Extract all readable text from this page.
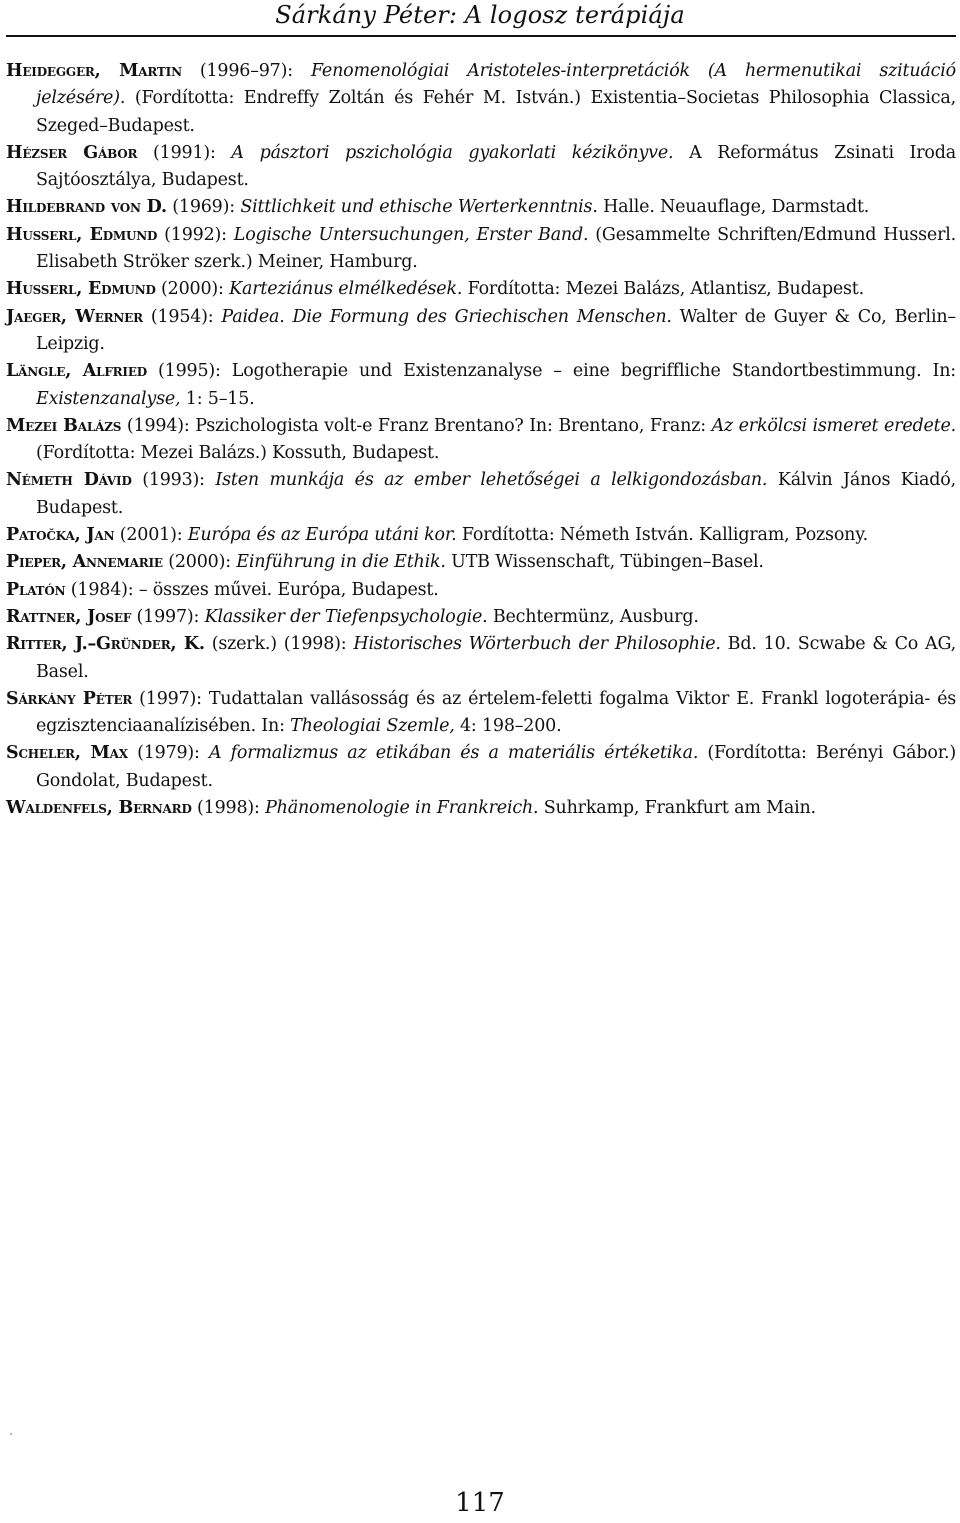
Sárkány Péter: A logosz terápiája
Heidegger, Martin (1996–97): Fenomenológiai Aristoteles-interpretációk (A hermenutikai szituáció jelzésére). (Fordította: Endreffy Zoltán és Fehér M. István.) Existentia–Societas Philosophia Classica, Szeged–Budapest.
Hézser Gábor (1991): A pásztori pszichológia gyakorlati kézikönyve. A Református Zsinati Iroda Sajtóosztálya, Budapest.
Hildebrand von D. (1969): Sittlichkeit und ethische Werterkenntnis. Halle. Neuauflage, Darmstadt.
Husserl, Edmund (1992): Logische Untersuchungen, Erster Band. (Gesammelte Schriften/Edmund Husserl. Elisabeth Ströker szerk.) Meiner, Hamburg.
Husserl, Edmund (2000): Karteziánus elmélkedések. Fordította: Mezei Balázs, Atlantisz, Budapest.
Jaeger, Werner (1954): Paidea. Die Formung des Griechischen Menschen. Walter de Guyer & Co, Berlin–Leipzig.
Längle, Alfried (1995): Logotherapie und Existenzanalyse – eine begriffliche Standortbestimmung. In: Existenzanalyse, 1: 5–15.
Mezei Balázs (1994): Pszichologista volt-e Franz Brentano? In: Brentano, Franz: Az erkölcsi ismeret eredete. (Fordította: Mezei Balázs.) Kossuth, Budapest.
Németh Dávid (1993): Isten munkája és az ember lehetőségei a lelkigondozásban. Kálvin János Kiadó, Budapest.
Patočka, Jan (2001): Európa és az Európa utáni kor. Fordította: Németh István. Kalligram, Pozsony.
Pieper, Annemarie (2000): Einführung in die Ethik. UTB Wissenschaft, Tübingen–Basel.
Platón (1984): – összes művei. Európa, Budapest.
Rattner, Josef (1997): Klassiker der Tiefenpsychologie. Bechtermünz, Ausburg.
Ritter, J.–Gründer, K. (szerk.) (1998): Historisches Wörterbuch der Philosophie. Bd. 10. Scwabe & Co AG, Basel.
Sárkány Péter (1997): Tudattalan vallásosság és az értelem-feletti fogalma Viktor E. Frankl logoterápia- és egzisztenciaanalízisében. In: Theologiai Szemle, 4: 198–200.
Scheler, Max (1979): A formalizmus az etikában és a materiális értéketika. (Fordította: Berényi Gábor.) Gondolat, Budapest.
Waldenfels, Bernard (1998): Phänomenologie in Frankreich. Suhrkamp, Frankfurt am Main.
117
